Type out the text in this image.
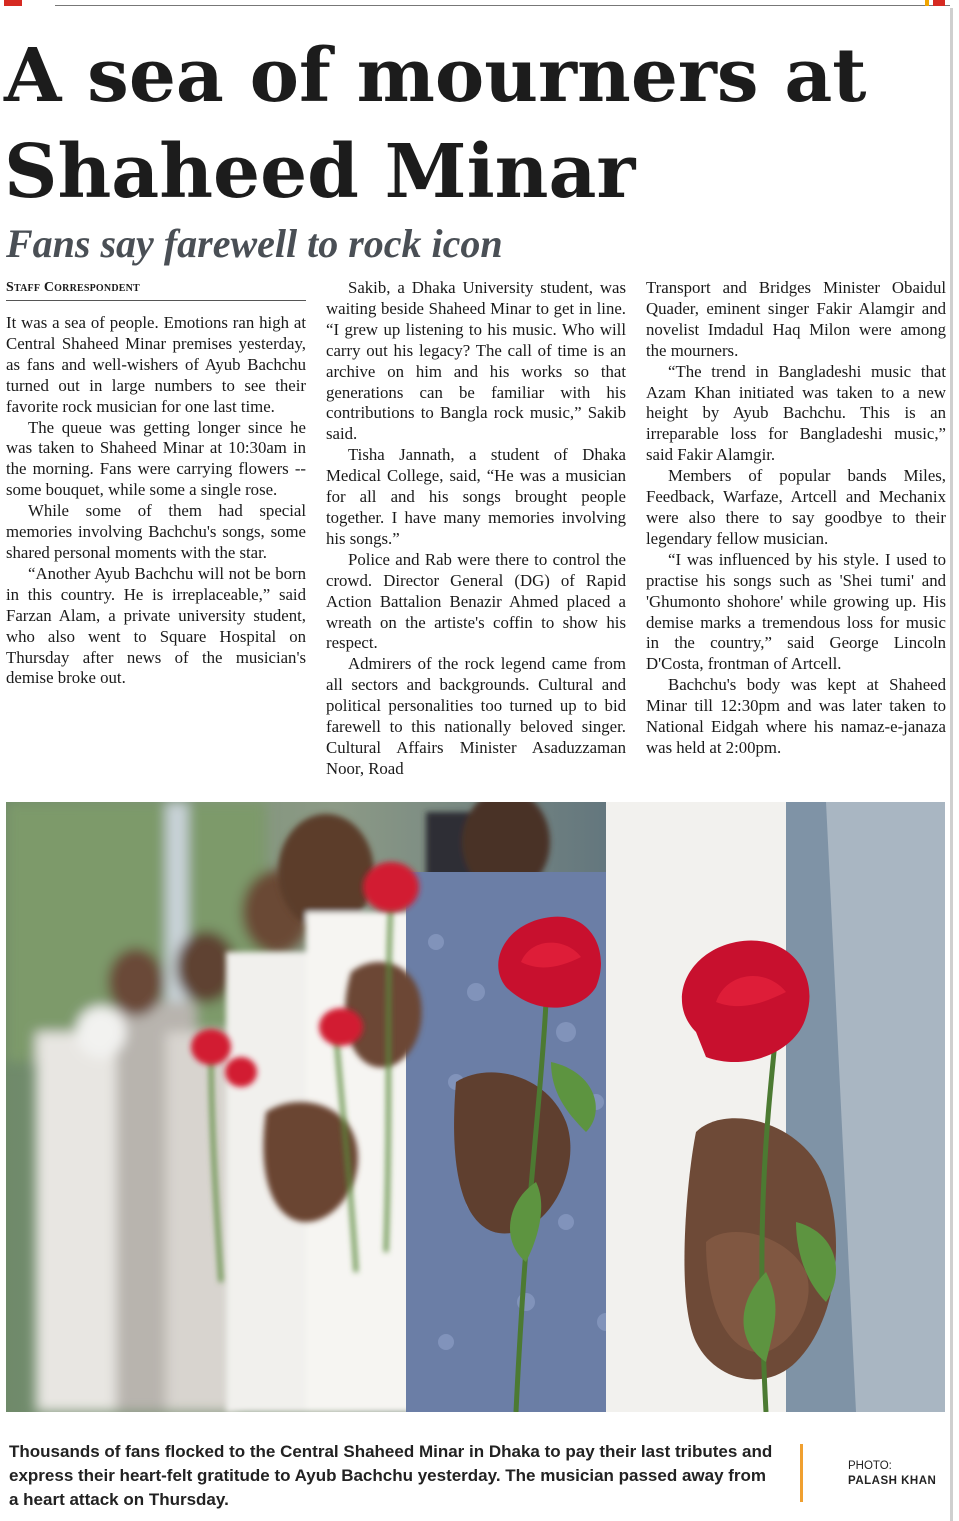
A sea of mourners at
Shaheed Minar
Fans say farewell to rock icon
Staff Correspondent

It was a sea of people. Emotions ran high at Central Shaheed Minar premises yesterday, as fans and well-wishers of Ayub Bachchu turned out in large numbers to see their favorite rock musician for one last time.

The queue was getting longer since he was taken to Shaheed Minar at 10:30am in the morning. Fans were carrying flowers -- some bouquet, while some a single rose.

While some of them had special memories involving Bachchu's songs, some shared personal moments with the star.

“Another Ayub Bachchu will not be born in this country. He is irreplaceable,” said Farzan Alam, a private university student, who also went to Square Hospital on Thursday after news of the musician's demise broke out.

Sakib, a Dhaka University student, was waiting beside Shaheed Minar to get in line. “I grew up listening to his music. Who will carry out his legacy? The call of time is an archive on him and his works so that generations can be familiar with his contributions to Bangla rock music,” Sakib said.

Tisha Jannath, a student of Dhaka Medical College, said, “He was a musician for all and his songs brought people together. I have many memories involving his songs.”

Police and Rab were there to control the crowd. Director General (DG) of Rapid Action Battalion Benazir Ahmed placed a wreath on the artiste's coffin to show his respect.

Admirers of the rock legend came from all sectors and backgrounds. Cultural and political personalities too turned up to bid farewell to this nationally beloved singer. Cultural Affairs Minister Asaduzzaman Noor, Road

Transport and Bridges Minister Obaidul Quader, eminent singer Fakir Alamgir and novelist Imdadul Haq Milon were among the mourners.

“The trend in Bangladeshi music that Azam Khan initiated was taken to a new height by Ayub Bachchu. This is an irreparable loss for Bangladeshi music,” said Fakir Alamgir.

Members of popular bands Miles, Feedback, Warfaze, Artcell and Mechanix were also there to say goodbye to their legendary fellow musician.

“I was influenced by his style. I used to practise his songs such as 'Shei tumi' and 'Ghumonto shohore' while growing up. His demise marks a tremendous loss for music in the country,” said George Lincoln D'Costa, frontman of Artcell.

Bachchu's body was kept at Shaheed Minar till 12:30pm and was later taken to National Eidgah where his namaz-e-janaza was held at 2:00pm.

Thousands of fans flocked to the Central Shaheed Minar in Dhaka to pay their last tributes and express their heart-felt gratitude to Ayub Bachchu yesterday. The musician passed away from a heart attack on Thursday.
PHOTO:
PALASH KHAN
